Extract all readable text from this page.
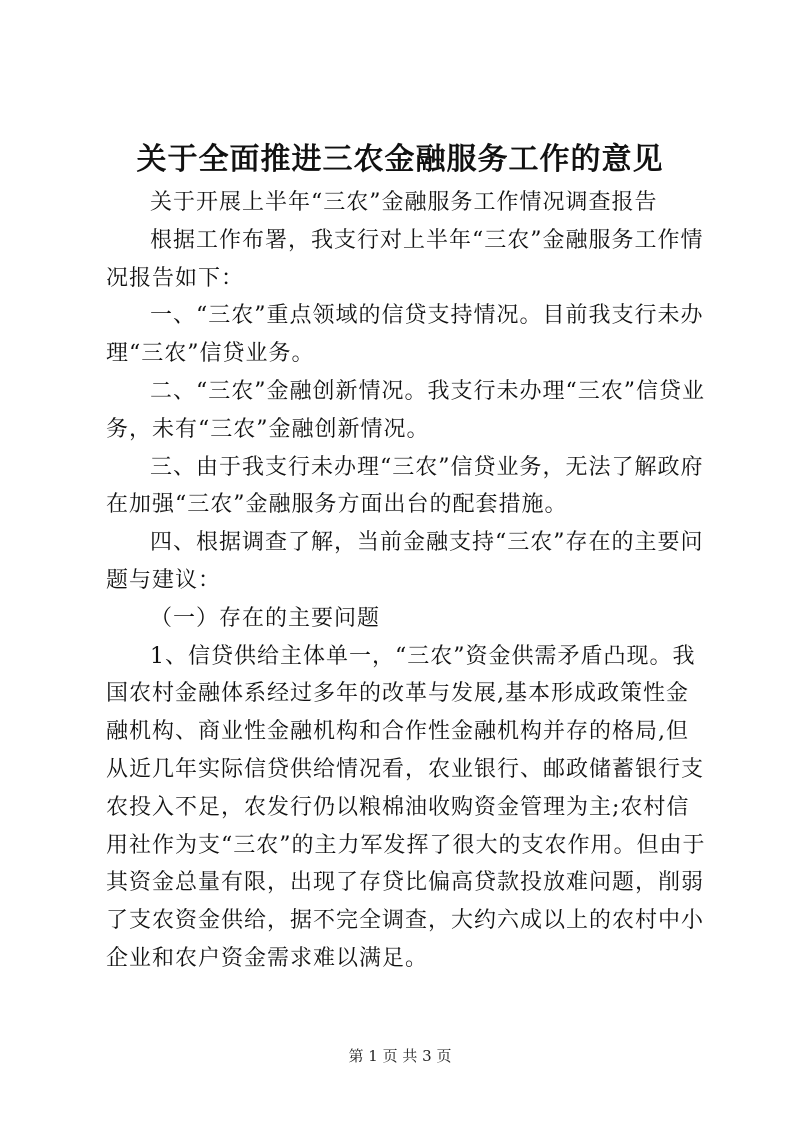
关于全面推进三农金融服务工作的意见

关于开展上半年“三农”金融服务工作情况调查报告

根据工作布署，我支行对上半年“三农”金融服务工作情况报告如下：

一、“三农”重点领域的信贷支持情况。目前我支行未办理“三农”信贷业务。

二、“三农”金融创新情况。我支行未办理“三农”信贷业务，未有“三农”金融创新情况。

三、由于我支行未办理“三农”信贷业务，无法了解政府在加强“三农”金融服务方面出台的配套措施。

四、根据调查了解，当前金融支持“三农”存在的主要问题与建议：

（一）存在的主要问题

1、信贷供给主体单一，“三农”资金供需矛盾凸现。我国农村金融体系经过多年的改革与发展,基本形成政策性金融机构、商业性金融机构和合作性金融机构并存的格局,但从近几年实际信贷供给情况看，农业银行、邮政储蓄银行支农投入不足，农发行仍以粮棉油收购资金管理为主;农村信用社作为支“三农”的主力军发挥了很大的支农作用。但由于其资金总量有限，出现了存贷比偏高贷款投放难问题，削弱了支农资金供给，据不完全调查，大约六成以上的农村中小企业和农户资金需求难以满足。

第 1 页 共 3 页
